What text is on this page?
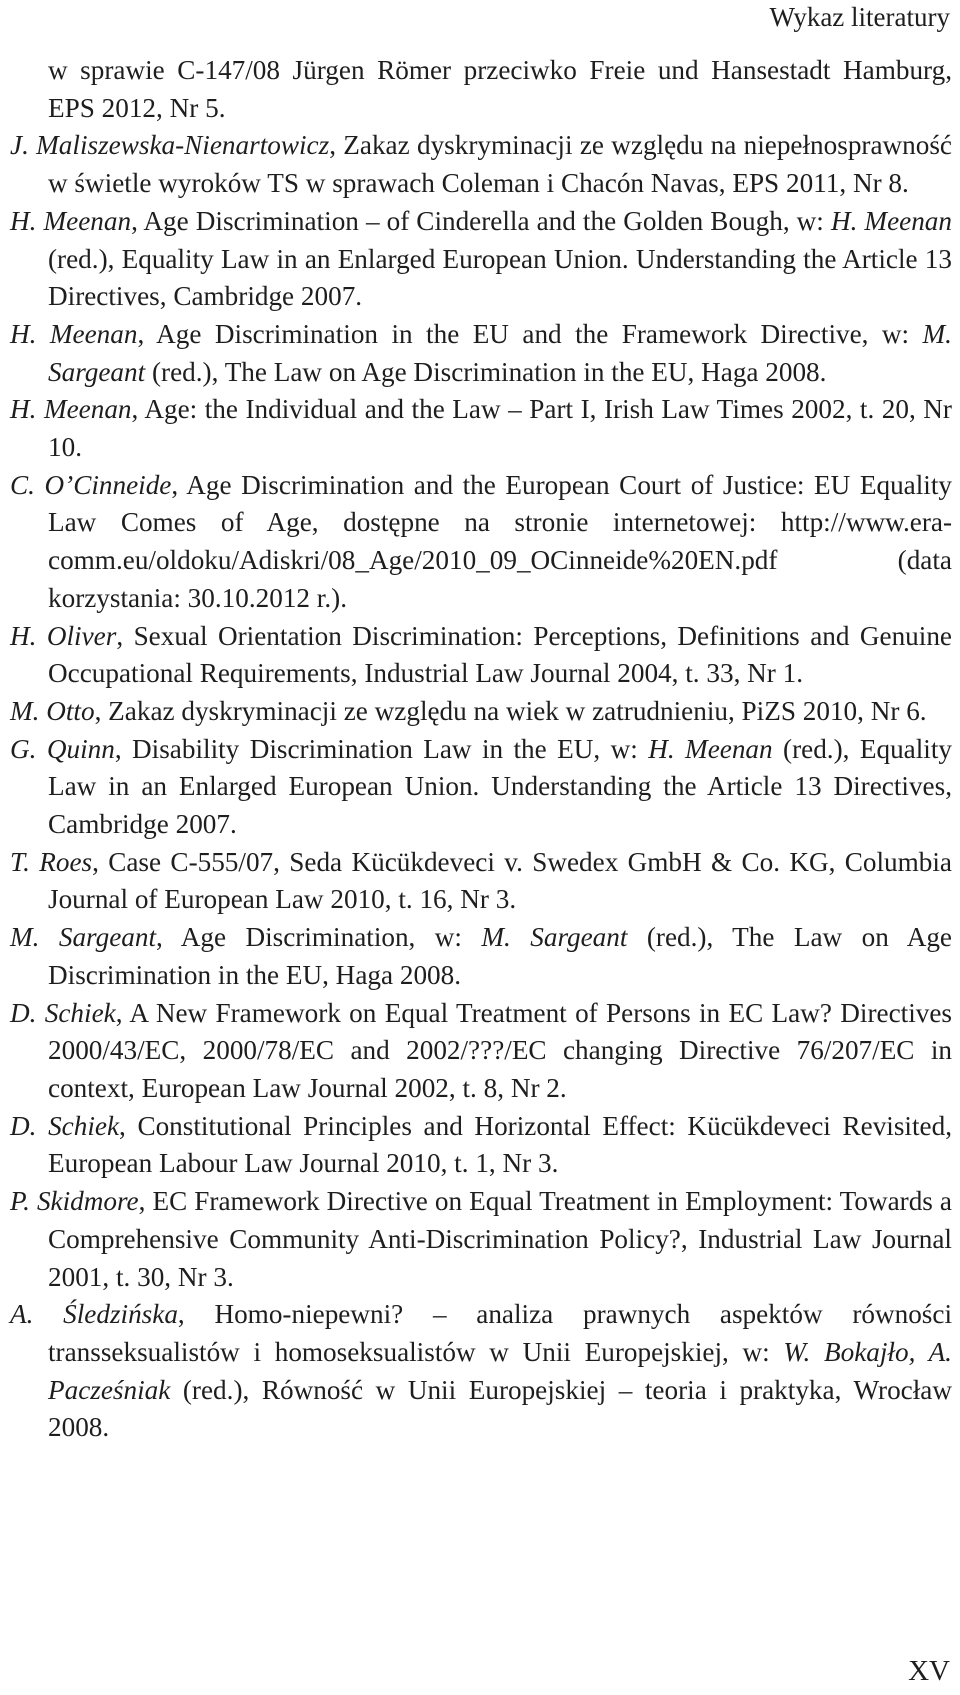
Wykaz literatury

w sprawie C-147/08 Jürgen Römer przeciwko Freie und Hansestadt Hamburg, EPS 2012, Nr 5.

J. Maliszewska-Nienartowicz, Zakaz dyskryminacji ze względu na niepełnosprawność w świetle wyroków TS w sprawach Coleman i Chacón Navas, EPS 2011, Nr 8.

H. Meenan, Age Discrimination – of Cinderella and the Golden Bough, w: H. Meenan (red.), Equality Law in an Enlarged European Union. Understanding the Article 13 Directives, Cambridge 2007.

H. Meenan, Age Discrimination in the EU and the Framework Directive, w: M. Sargeant (red.), The Law on Age Discrimination in the EU, Haga 2008.

H. Meenan, Age: the Individual and the Law – Part I, Irish Law Times 2002, t. 20, Nr 10.

C. O’Cinneide, Age Discrimination and the European Court of Justice: EU Equality Law Comes of Age, dostępne na stronie internetowej: http://www.era-comm.eu/oldoku/Adiskri/08_Age/2010_09_OCinneide%20EN.pdf (data korzystania: 30.10.2012 r.).

H. Oliver, Sexual Orientation Discrimination: Perceptions, Definitions and Genuine Occupational Requirements, Industrial Law Journal 2004, t. 33, Nr 1.

M. Otto, Zakaz dyskryminacji ze względu na wiek w zatrudnieniu, PiZS 2010, Nr 6.

G. Quinn, Disability Discrimination Law in the EU, w: H. Meenan (red.), Equality Law in an Enlarged European Union. Understanding the Article 13 Directives, Cambridge 2007.

T. Roes, Case C-555/07, Seda Kücükdeveci v. Swedex GmbH & Co. KG, Columbia Journal of European Law 2010, t. 16, Nr 3.

M. Sargeant, Age Discrimination, w: M. Sargeant (red.), The Law on Age Discrimination in the EU, Haga 2008.

D. Schiek, A New Framework on Equal Treatment of Persons in EC Law? Directives 2000/43/EC, 2000/78/EC and 2002/???/EC changing Directive 76/207/EC in context, European Law Journal 2002, t. 8, Nr 2.

D. Schiek, Constitutional Principles and Horizontal Effect: Kücükdeveci Revisited, European Labour Law Journal 2010, t. 1, Nr 3.

P. Skidmore, EC Framework Directive on Equal Treatment in Employment: Towards a Comprehensive Community Anti-Discrimination Policy?, Industrial Law Journal 2001, t. 30, Nr 3.

A. Śledzińska, Homo-niepewni? – analiza prawnych aspektów równości transseksualistów i homoseksualistów w Unii Europejskiej, w: W. Bokajło, A. Pacześniak (red.), Równość w Unii Europejskiej – teoria i praktyka, Wrocław 2008.

XV
